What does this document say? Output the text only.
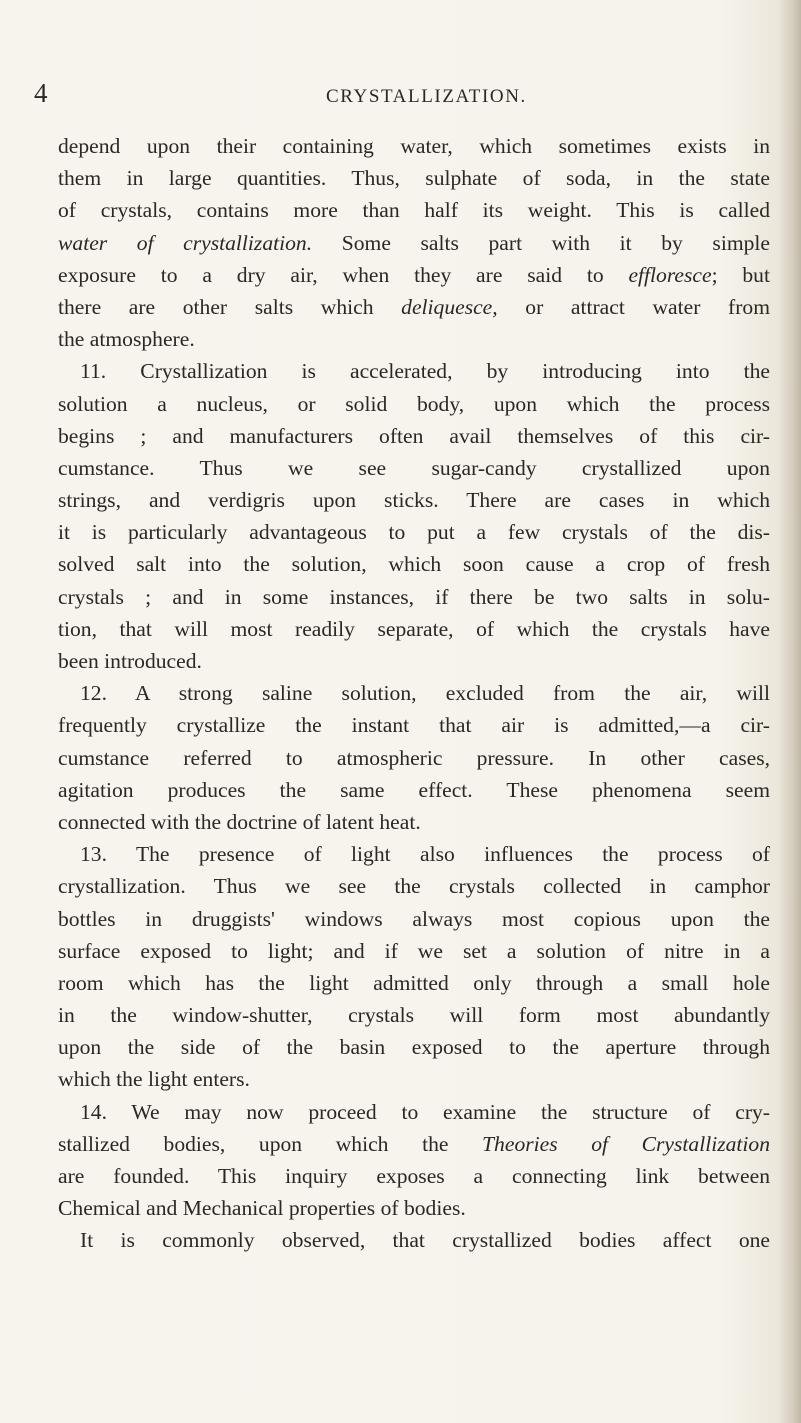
4	CRYSTALLIZATION.
depend upon their containing water, which sometimes exists in
them in large quantities. Thus, sulphate of soda, in the state
of crystals, contains more than half its weight. This is called
water of crystallization. Some salts part with it by simple
exposure to a dry air, when they are said to effloresce; but
there are other salts which deliquesce, or attract water from
the atmosphere.
11. Crystallization is accelerated, by introducing into the
solution a nucleus, or solid body, upon which the process
begins ; and manufacturers often avail themselves of this cir-
cumstance. Thus we see sugar-candy crystallized upon
strings, and verdigris upon sticks. There are cases in which
it is particularly advantageous to put a few crystals of the dis-
solved salt into the solution, which soon cause a crop of fresh
crystals ; and in some instances, if there be two salts in solu-
tion, that will most readily separate, of which the crystals have
been introduced.
12. A strong saline solution, excluded from the air, will
frequently crystallize the instant that air is admitted,—a cir-
cumstance referred to atmospheric pressure. In other cases,
agitation produces the same effect. These phenomena seem
connected with the doctrine of latent heat.
13. The presence of light also influences the process of
crystallization. Thus we see the crystals collected in camphor
bottles in druggists' windows always most copious upon the
surface exposed to light; and if we set a solution of nitre in a
room which has the light admitted only through a small hole
in the window-shutter, crystals will form most abundantly
upon the side of the basin exposed to the aperture through
which the light enters.
14. We may now proceed to examine the structure of cry-
stallized bodies, upon which the Theories of Crystallization
are founded. This inquiry exposes a connecting link between
Chemical and Mechanical properties of bodies.
It is commonly observed, that crystallized bodies affect one
